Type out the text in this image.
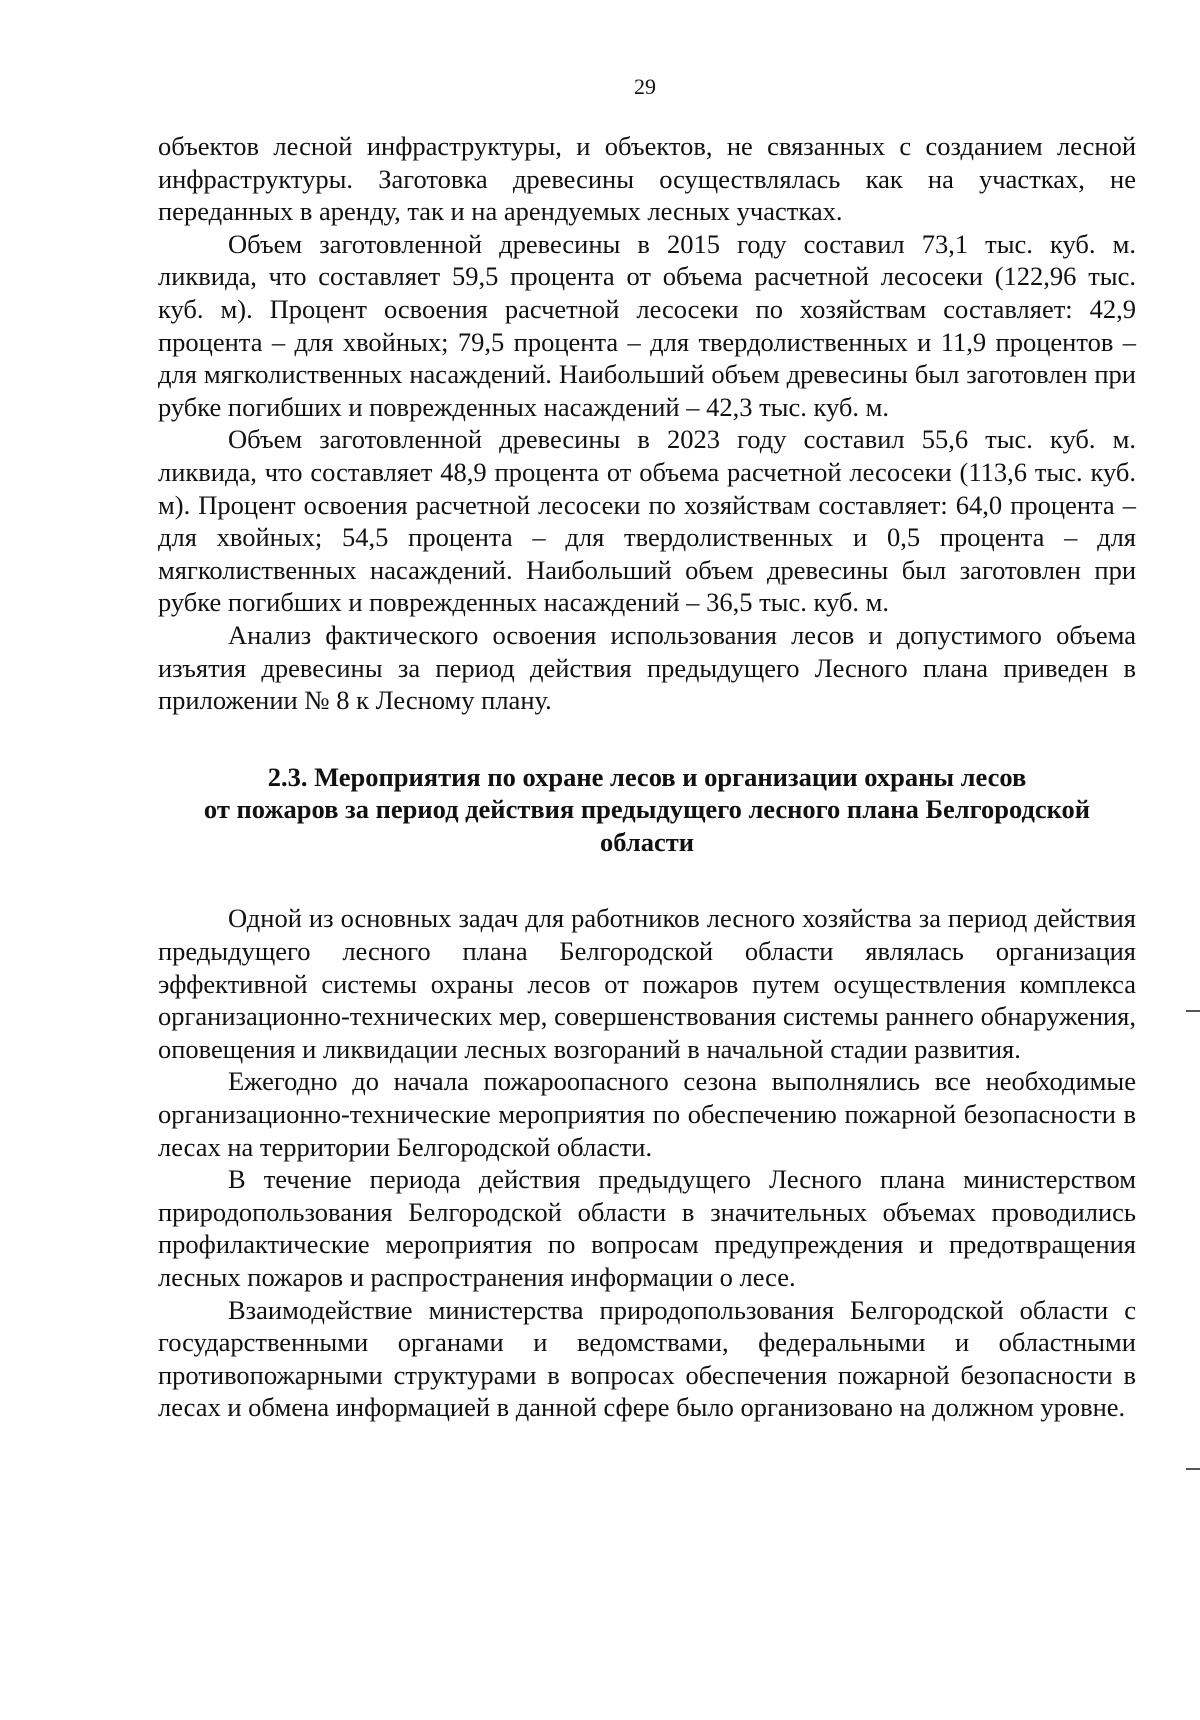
29

объектов лесной инфраструктуры, и объектов, не связанных с созданием лесной инфраструктуры. Заготовка древесины осуществлялась как на участках, не переданных в аренду, так и на арендуемых лесных участках.

Объем заготовленной древесины в 2015 году составил 73,1 тыс. куб. м. ликвида, что составляет 59,5 процента от объема расчетной лесосеки (122,96 тыс. куб. м). Процент освоения расчетной лесосеки по хозяйствам составляет: 42,9 процента – для хвойных; 79,5 процента – для твердолиственных и 11,9 процентов – для мягколиственных насаждений. Наибольший объем древесины был заготовлен при рубке погибших и поврежденных насаждений – 42,3 тыс. куб. м.

Объем заготовленной древесины в 2023 году составил 55,6 тыс. куб. м. ликвида, что составляет 48,9 процента от объема расчетной лесосеки (113,6 тыс. куб. м). Процент освоения расчетной лесосеки по хозяйствам составляет: 64,0 процента – для хвойных; 54,5 процента – для твердолиственных и 0,5 процента – для мягколиственных насаждений. Наибольший объем древесины был заготовлен при рубке погибших и поврежденных насаждений – 36,5 тыс. куб. м.

Анализ фактического освоения использования лесов и допустимого объема изъятия древесины за период действия предыдущего Лесного плана приведен в приложении № 8 к Лесному плану.

2.3. Мероприятия по охране лесов и организации охраны лесов
от пожаров за период действия предыдущего лесного плана Белгородской
области

Одной из основных задач для работников лесного хозяйства за период действия предыдущего лесного плана Белгородской области являлась организация эффективной системы охраны лесов от пожаров путем осуществления комплекса организационно-технических мер, совершенствования системы раннего обнаружения, оповещения и ликвидации лесных возгораний в начальной стадии развития.

Ежегодно до начала пожароопасного сезона выполнялись все необходимые организационно-технические мероприятия по обеспечению пожарной безопасности в лесах на территории Белгородской области.

В течение периода действия предыдущего Лесного плана министерством природопользования Белгородской области в значительных объемах проводились профилактические мероприятия по вопросам предупреждения и предотвращения лесных пожаров и распространения информации о лесе.

Взаимодействие министерства природопользования Белгородской области с государственными органами и ведомствами, федеральными и областными противопожарными структурами в вопросах обеспечения пожарной безопасности в лесах и обмена информацией в данной сфере было организовано на должном уровне.
